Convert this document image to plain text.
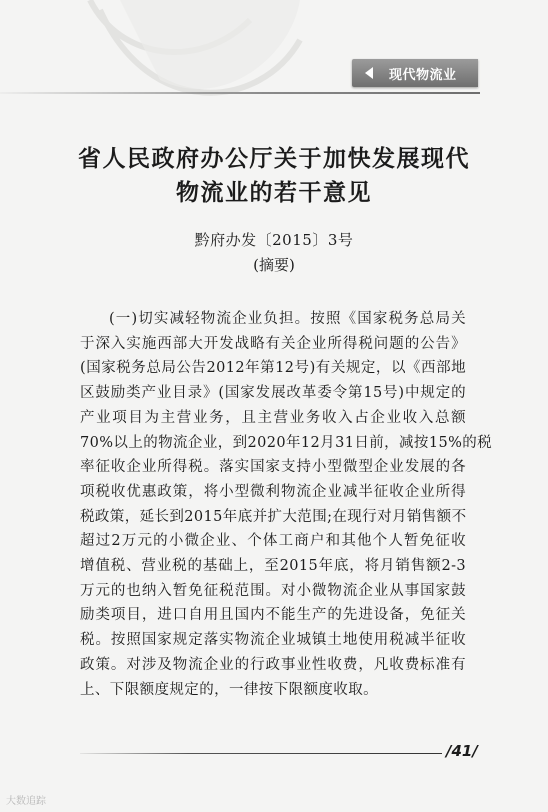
现代物流业
省人民政府办公厅关于加快发展现代
物流业的若干意见
黔府办发〔2015〕3号
(摘要)
(一)切实减轻物流企业负担。按照《国家税务总局关
于深入实施西部大开发战略有关企业所得税问题的公告》
(国家税务总局公告2012年第12号)有关规定，以《西部地
区鼓励类产业目录》(国家发展改革委令第15号)中规定的
产业项目为主营业务，且主营业务收入占企业收入总额
70%以上的物流企业，到2020年12月31日前，减按15%的税
率征收企业所得税。落实国家支持小型微型企业发展的各
项税收优惠政策，将小型微利物流企业减半征收企业所得
税政策，延长到2015年底并扩大范围;在现行对月销售额不
超过2万元的小微企业、个体工商户和其他个人暂免征收
增值税、营业税的基础上，至2015年底，将月销售额2-3
万元的也纳入暂免征税范围。对小微物流企业从事国家鼓
励类项目，进口自用且国内不能生产的先进设备，免征关
税。按照国家规定落实物流企业城镇土地使用税减半征收
政策。对涉及物流企业的行政事业性收费，凡收费标准有
上、下限额度规定的，一律按下限额度收取。
/41/
大数追踪
